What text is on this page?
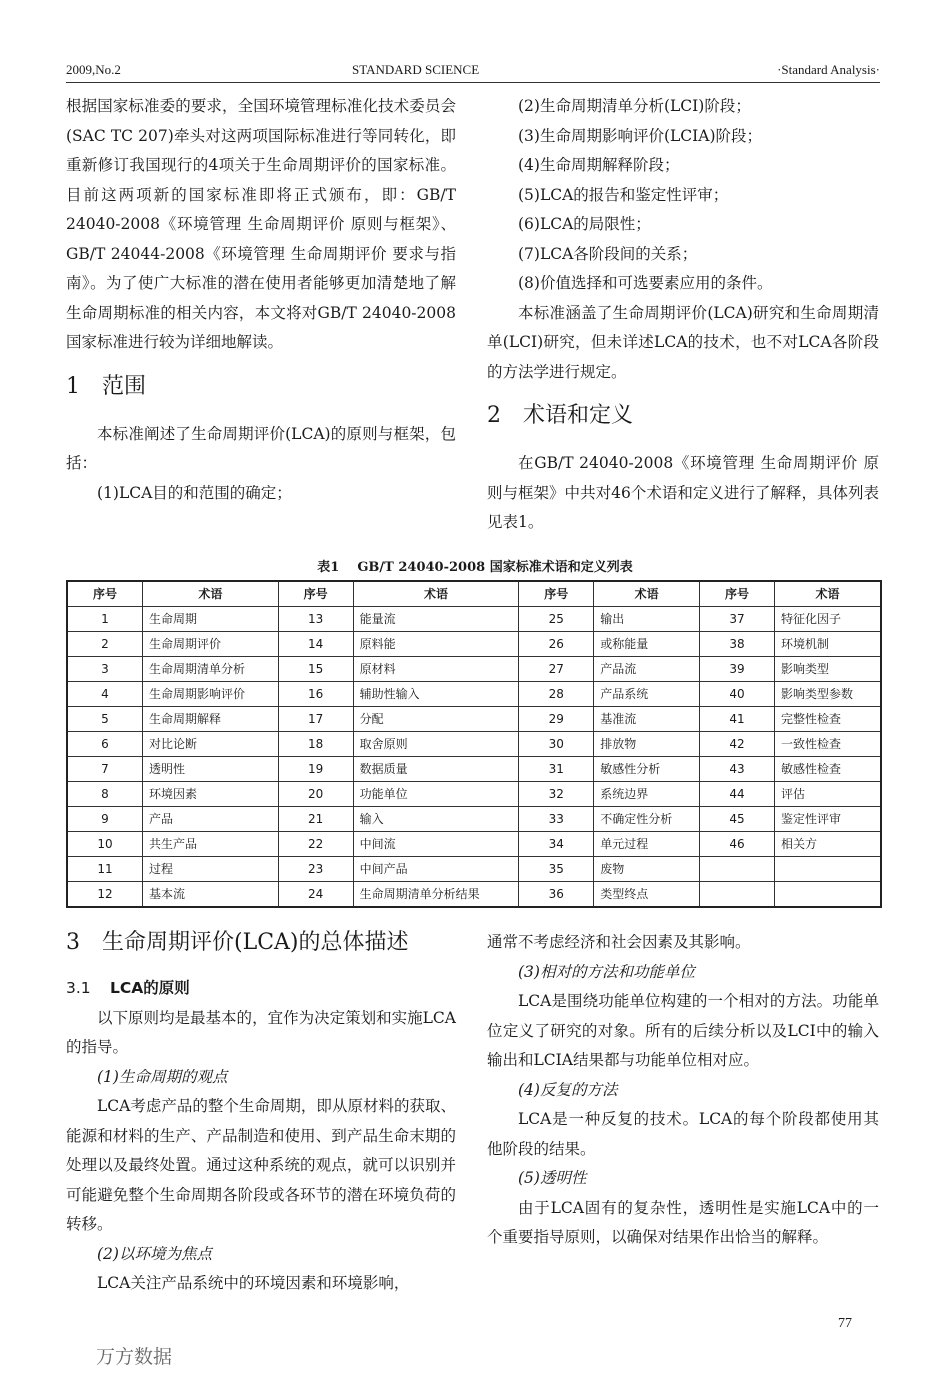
2009,No.2	STANDARD SCIENCE	·Standard Analysis·

根据国家标准委的要求，全国环境管理标准化技术委员会(SAC TC 207)牵头对这两项国际标准进行等同转化，即重新修订我国现行的4项关于生命周期评价的国家标准。目前这两项新的国家标准即将正式颁布，即：GB/T 24040-2008《环境管理 生命周期评价 原则与框架》、GB/T 24044-2008《环境管理 生命周期评价 要求与指南》。为了使广大标准的潜在使用者能够更加清楚地了解生命周期标准的相关内容，本文将对GB/T 24040-2008国家标准进行较为详细地解读。

1 范围

本标准阐述了生命周期评价(LCA)的原则与框架，包括：

(1)LCA目的和范围的确定；

(2)生命周期清单分析(LCI)阶段；

(3)生命周期影响评价(LCIA)阶段；

(4)生命周期解释阶段；

(5)LCA的报告和鉴定性评审；

(6)LCA的局限性；

(7)LCA各阶段间的关系；

(8)价值选择和可选要素应用的条件。

本标准涵盖了生命周期评价(LCA)研究和生命周期清单(LCI)研究，但未详述LCA的技术，也不对LCA各阶段的方法学进行规定。

2 术语和定义

在GB/T 24040-2008《环境管理 生命周期评价 原则与框架》中共对46个术语和定义进行了解释，具体列表见表1。

表1 GB/T 24040-2008 国家标准术语和定义列表
序号	术语	序号	术语	序号	术语	序号	术语
1	生命周期	13	能量流	25	输出	37	特征化因子
2	生命周期评价	14	原料能	26	或称能量	38	环境机制
3	生命周期清单分析	15	原材料	27	产品流	39	影响类型
4	生命周期影响评价	16	辅助性输入	28	产品系统	40	影响类型参数
5	生命周期解释	17	分配	29	基准流	41	完整性检查
6	对比论断	18	取舍原则	30	排放物	42	一致性检查
7	透明性	19	数据质量	31	敏感性分析	43	敏感性检查
8	环境因素	20	功能单位	32	系统边界	44	评估
9	产品	21	输入	33	不确定性分析	45	鉴定性评审
10	共生产品	22	中间流	34	单元过程	46	相关方
11	过程	23	中间产品	35	废物		
12	基本流	24	生命周期清单分析结果	36	类型终点		
3 生命周期评价(LCA)的总体描述
3.1 LCA的原则

以下原则均是最基本的，宜作为决定策划和实施LCA的指导。

(1)生命周期的观点

LCA考虑产品的整个生命周期，即从原材料的获取、能源和材料的生产、产品制造和使用、到产品生命末期的处理以及最终处置。通过这种系统的观点，就可以识别并可能避免整个生命周期各阶段或各环节的潜在环境负荷的转移。

(2)以环境为焦点

LCA关注产品系统中的环境因素和环境影响，

通常不考虑经济和社会因素及其影响。

(3)相对的方法和功能单位

LCA是围绕功能单位构建的一个相对的方法。功能单位定义了研究的对象。所有的后续分析以及LCI中的输入输出和LCIA结果都与功能单位相对应。

(4)反复的方法

LCA是一种反复的技术。LCA的每个阶段都使用其他阶段的结果。

(5)透明性

由于LCA固有的复杂性，透明性是实施LCA中的一个重要指导原则，以确保对结果作出恰当的解释。

77
万方数据
